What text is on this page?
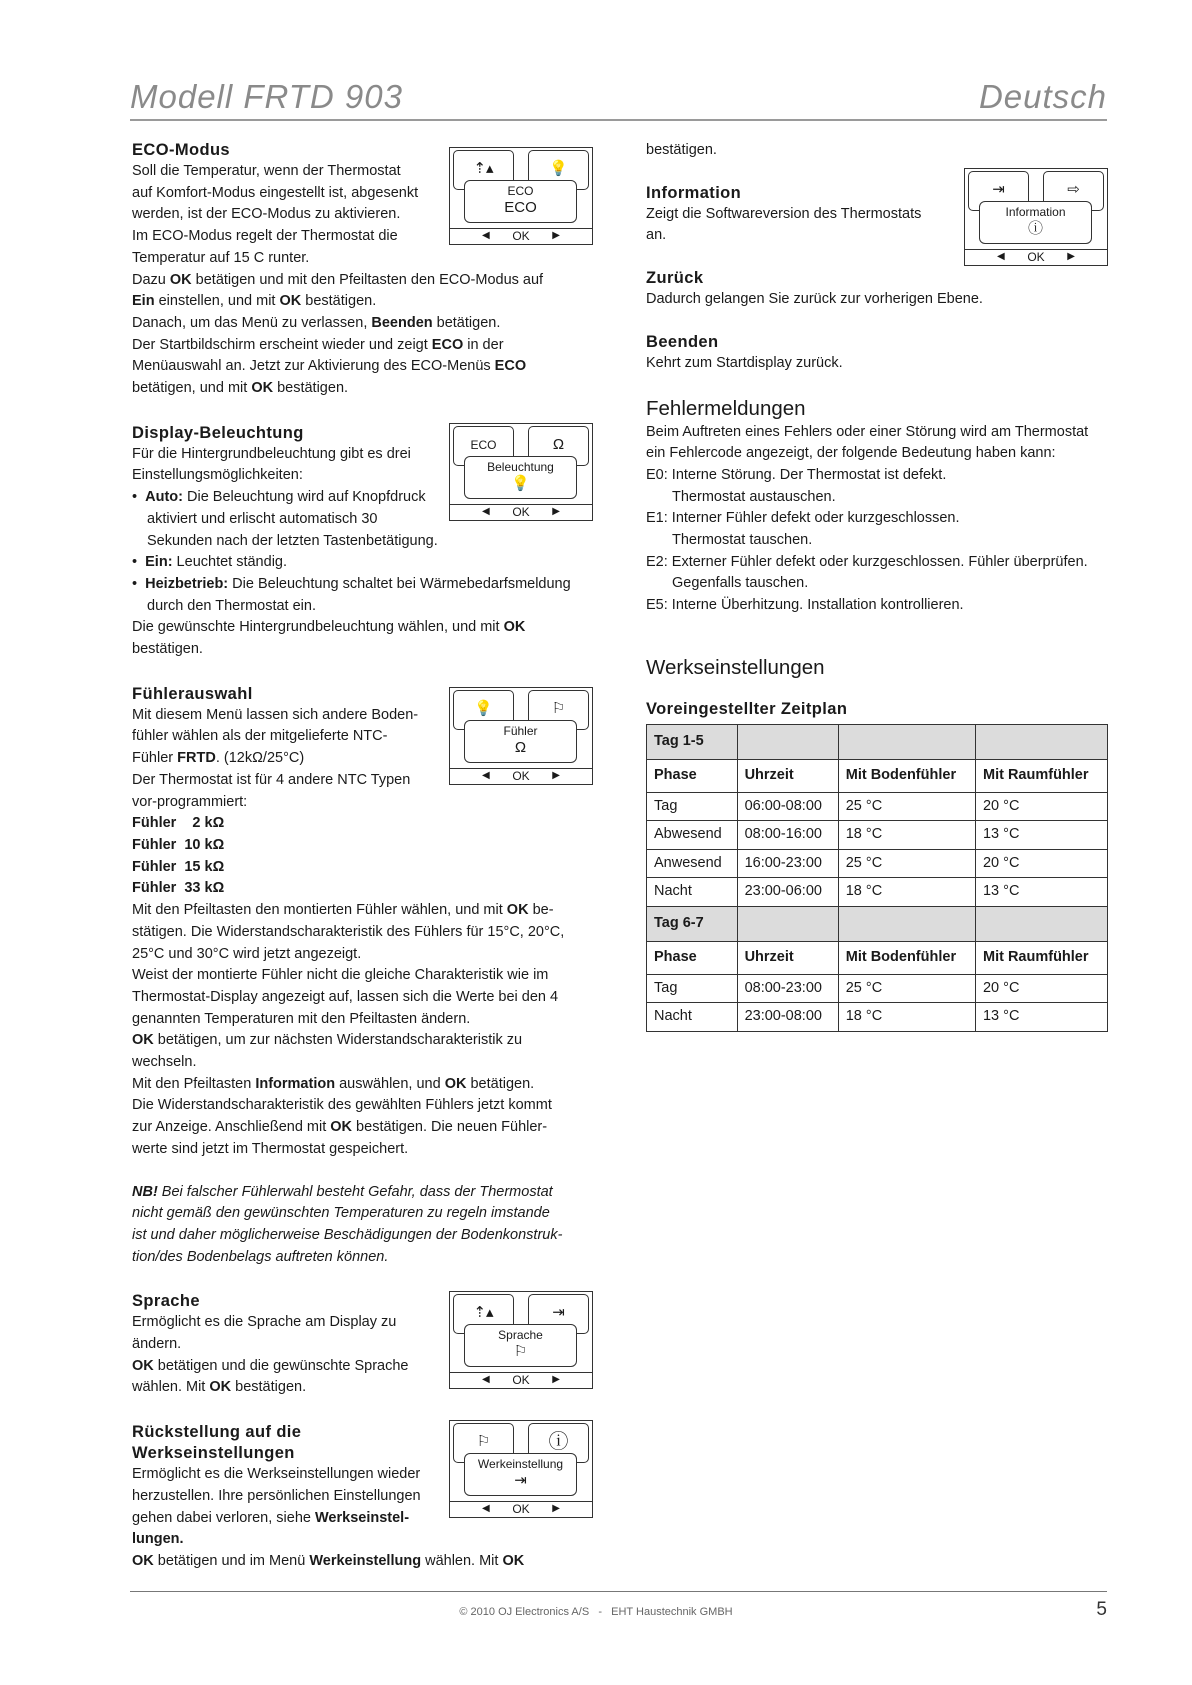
Modell FRTD 903	Deutsch
ECO-Modus

Soll die Temperatur, wenn der Thermostat

auf Komfort-Modus eingestellt ist, abgesenkt

werden, ist der ECO-Modus zu aktivieren.

Im ECO-Modus regelt der Thermostat die

Temperatur auf 15 C runter.

Dazu OK betätigen und mit den Pfeiltasten den ECO-Modus auf

Ein einstellen, und mit OK bestätigen.

Danach, um das Menü zu verlassen, Beenden betätigen.

Der Startbildschirm erscheint wieder und zeigt ECO in der

Menüauswahl an. Jetzt zur Aktivierung des ECO-Menüs ECO

betätigen, und mit OK bestätigen.

Display-Beleuchtung

Für die Hintergrundbeleuchtung gibt es drei

Einstellungsmöglichkeiten:

• Auto: Die Beleuchtung wird auf Knopfdruck

aktiviert und erlischt automatisch 30

Sekunden nach der letzten Tastenbetätigung.

• Ein: Leuchtet ständig.

• Heizbetrieb: Die Beleuchtung schaltet bei Wärmebedarfsmeldung

durch den Thermostat ein.

Die gewünschte Hintergrundbeleuchtung wählen, und mit OK

bestätigen.

Fühlerauswahl

Mit diesem Menü lassen sich andere Boden-

fühler wählen als der mitgelieferte NTC-

Fühler FRTD. (12kΩ/25°C)

Der Thermostat ist für 4 andere NTC Typen

vor-programmiert:

Fühler    2 kΩ

Fühler  10 kΩ

Fühler  15 kΩ

Fühler  33 kΩ

Mit den Pfeiltasten den montierten Fühler wählen, und mit OK be-

stätigen. Die Widerstandscharakteristik des Fühlers für 15°C, 20°C,

25°C und 30°C wird jetzt angezeigt.

Weist der montierte Fühler nicht die gleiche Charakteristik wie im

Thermostat-Display angezeigt auf, lassen sich die Werte bei den 4

genannten Temperaturen mit den Pfeiltasten ändern.

OK betätigen, um zur nächsten Widerstandscharakteristik zu

wechseln.

Mit den Pfeiltasten Information auswählen, und OK betätigen.

Die Widerstandscharakteristik des gewählten Fühlers jetzt kommt

zur Anzeige. Anschließend mit OK bestätigen. Die neuen Fühler-

werte sind jetzt im Thermostat gespeichert.

NB! Bei falscher Fühlerwahl besteht Gefahr, dass der Thermostat

nicht gemäß den gewünschten Temperaturen zu regeln imstande

ist und daher möglicherweise Beschädigungen der Bodenkonstruk-

tion/des Bodenbelags auftreten können.

Sprache

Ermöglicht es die Sprache am Display zu

ändern.

OK betätigen und die gewünschte Sprache

wählen. Mit OK bestätigen.

Rückstellung auf die
Werkseinstellungen

Ermöglicht es die Werkseinstellungen wieder

herzustellen. Ihre persönlichen Einstellungen

gehen dabei verloren, siehe Werkseinstel-

lungen.

OK betätigen und im Menü Werkeinstellung wählen. Mit OK

⇡▴	💡
ECO
ECO
◀ OK ▶
ECO	Ω
Beleuchtung
💡
◀ OK ▶
💡	⚐
Fühler
Ω
◀ OK ▶
⇡▴	⇥
Sprache
⚐
◀ OK ▶
⚐	ⓘ
Werkeinstellung
⇥
◀ OK ▶

bestätigen.

Information

Zeigt die Softwareversion des Thermostats

an.

Zurück

Dadurch gelangen Sie zurück zur vorherigen Ebene.

Beenden

Kehrt zum Startdisplay zurück.

Fehlermeldungen

Beim Auftreten eines Fehlers oder einer Störung wird am Thermostat

ein Fehlercode angezeigt, der folgende Bedeutung haben kann:

E0: Interne Störung. Der Thermostat ist defekt.

Thermostat austauschen.

E1: Interner Fühler defekt oder kurzgeschlossen.

Thermostat tauschen.

E2: Externer Fühler defekt oder kurzgeschlossen. Fühler überprüfen.

Gegenfalls tauschen.

E5: Interne Überhitzung. Installation kontrollieren.

Werkseinstellungen
Voreingestellter Zeitplan
Tag 1-5			
Phase	Uhrzeit	Mit Bodenfühler	Mit Raumfühler
Tag	06:00-08:00	25 °C	20 °C
Abwesend	08:00-16:00	18 °C	13 °C
Anwesend	16:00-23:00	25 °C	20 °C
Nacht	23:00-06:00	18 °C	13 °C
Tag 6-7			
Phase	Uhrzeit	Mit Bodenfühler	Mit Raumfühler
Tag	08:00-23:00	25 °C	20 °C
Nacht	23:00-08:00	18 °C	13 °C
⇥	⇨
Information
ⓘ
◀ OK ▶
© 2010 OJ Electronics A/S   -   EHT Haustechnik GMBH	5
